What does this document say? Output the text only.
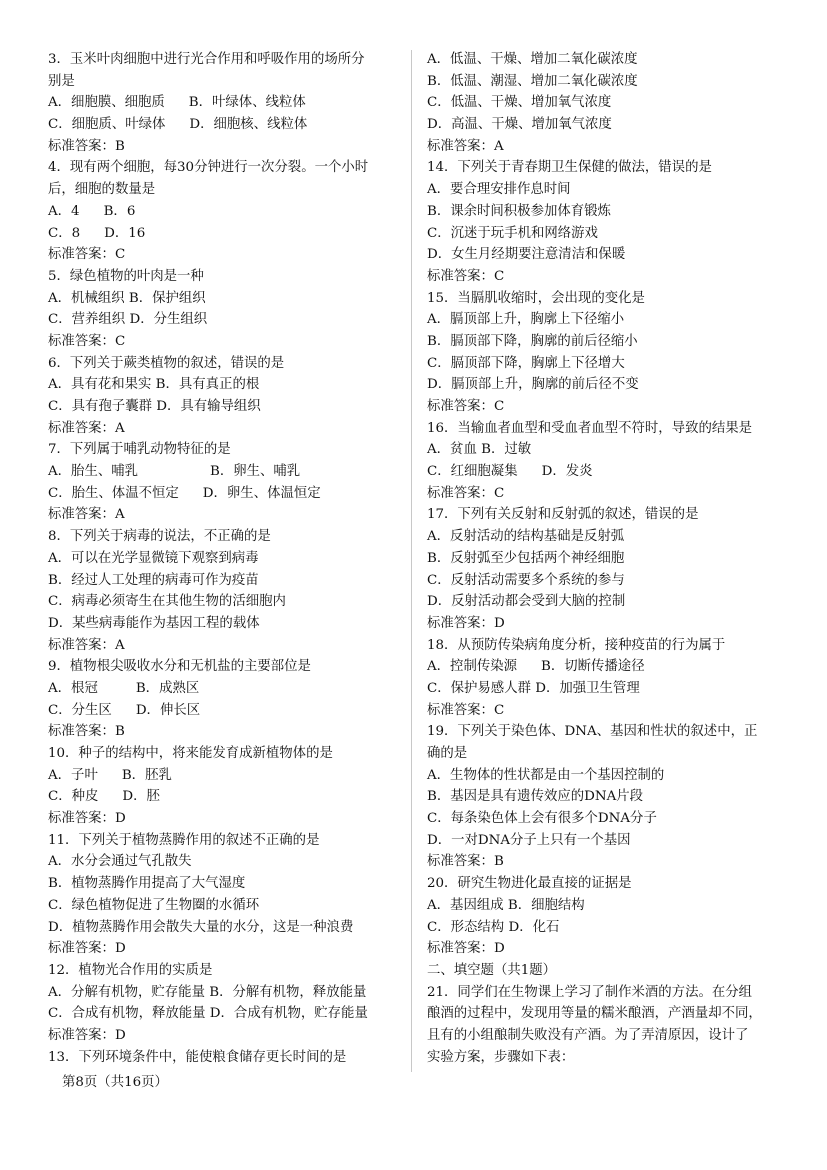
3．玉米叶肉细胞中进行光合作用和呼吸作用的场所分
别是
A．细胞膜、细胞质 B．叶绿体、线粒体
C．细胞质、叶绿体 D．细胞核、线粒体
标准答案：B
4．现有两个细胞，每30分钟进行一次分裂。一个小时
后，细胞的数量是
A．4 B．6
C．8 D．16
标准答案：C
5．绿色植物的叶肉是一种
A．机械组织 B．保护组织
C．营养组织 D．分生组织
标准答案：C
6．下列关于蕨类植物的叙述，错误的是
A．具有花和果实 B．具有真正的根
C．具有孢子囊群 D．具有输导组织
标准答案：A
7．下列属于哺乳动物特征的是
A．胎生、哺乳	B．卵生、哺乳
C．胎生、体温不恒定 D．卵生、体温恒定
标准答案：A
8．下列关于病毒的说法，不正确的是
A．可以在光学显微镜下观察到病毒
B．经过人工处理的病毒可作为疫苗
C．病毒必须寄生在其他生物的活细胞内
D．某些病毒能作为基因工程的载体
标准答案：A
9．植物根尖吸收水分和无机盐的主要部位是
A．根冠	B．成熟区
C．分生区 D．伸长区
标准答案：B
10．种子的结构中，将来能发育成新植物体的是
A．子叶 B．胚乳
C．种皮 D．胚
标准答案：D
11．下列关于植物蒸腾作用的叙述不正确的是
A．水分会通过气孔散失
B．植物蒸腾作用提高了大气湿度
C．绿色植物促进了生物圈的水循环
D．植物蒸腾作用会散失大量的水分，这是一种浪费
标准答案：D
12．植物光合作用的实质是
A．分解有机物，贮存能量 B．分解有机物，释放能量
C．合成有机物，释放能量 D．合成有机物，贮存能量
标准答案：D
13．下列环境条件中，能使粮食储存更长时间的是
A．低温、干燥、增加二氧化碳浓度
B．低温、潮湿、增加二氧化碳浓度
C．低温、干燥、增加氧气浓度
D．高温、干燥、增加氧气浓度
标准答案：A
14．下列关于青春期卫生保健的做法，错误的是
A．要合理安排作息时间
B．课余时间积极参加体育锻炼
C．沉迷于玩手机和网络游戏
D．女生月经期要注意清洁和保暖
标准答案：C
15．当膈肌收缩时，会出现的变化是
A．膈顶部上升，胸廓上下径缩小
B．膈顶部下降，胸廓的前后径缩小
C．膈顶部下降，胸廓上下径增大
D．膈顶部上升，胸廓的前后径不变
标准答案：C
16．当输血者血型和受血者血型不符时，导致的结果是
A．贫血 B．过敏
C．红细胞凝集 D．发炎
标准答案：C
17．下列有关反射和反射弧的叙述，错误的是
A．反射活动的结构基础是反射弧
B．反射弧至少包括两个神经细胞
C．反射活动需要多个系统的参与
D．反射活动都会受到大脑的控制
标准答案：D
18．从预防传染病角度分析，接种疫苗的行为属于
A．控制传染源 B．切断传播途径
C．保护易感人群 D．加强卫生管理
标准答案：C
19．下列关于染色体、DNA、基因和性状的叙述中，正
确的是
A．生物体的性状都是由一个基因控制的
B．基因是具有遗传效应的DNA片段
C．每条染色体上会有很多个DNA分子
D．一对DNA分子上只有一个基因
标准答案：B
20．研究生物进化最直接的证据是
A．基因组成 B．细胞结构
C．形态结构 D．化石
标准答案：D
二、填空题（共1题）
21．同学们在生物课上学习了制作米酒的方法。在分组
酿酒的过程中，发现用等量的糯米酿酒，产酒量却不同，
且有的小组酿制失败没有产酒。为了弄清原因，设计了
实验方案，步骤如下表：
第8页（共16页）
